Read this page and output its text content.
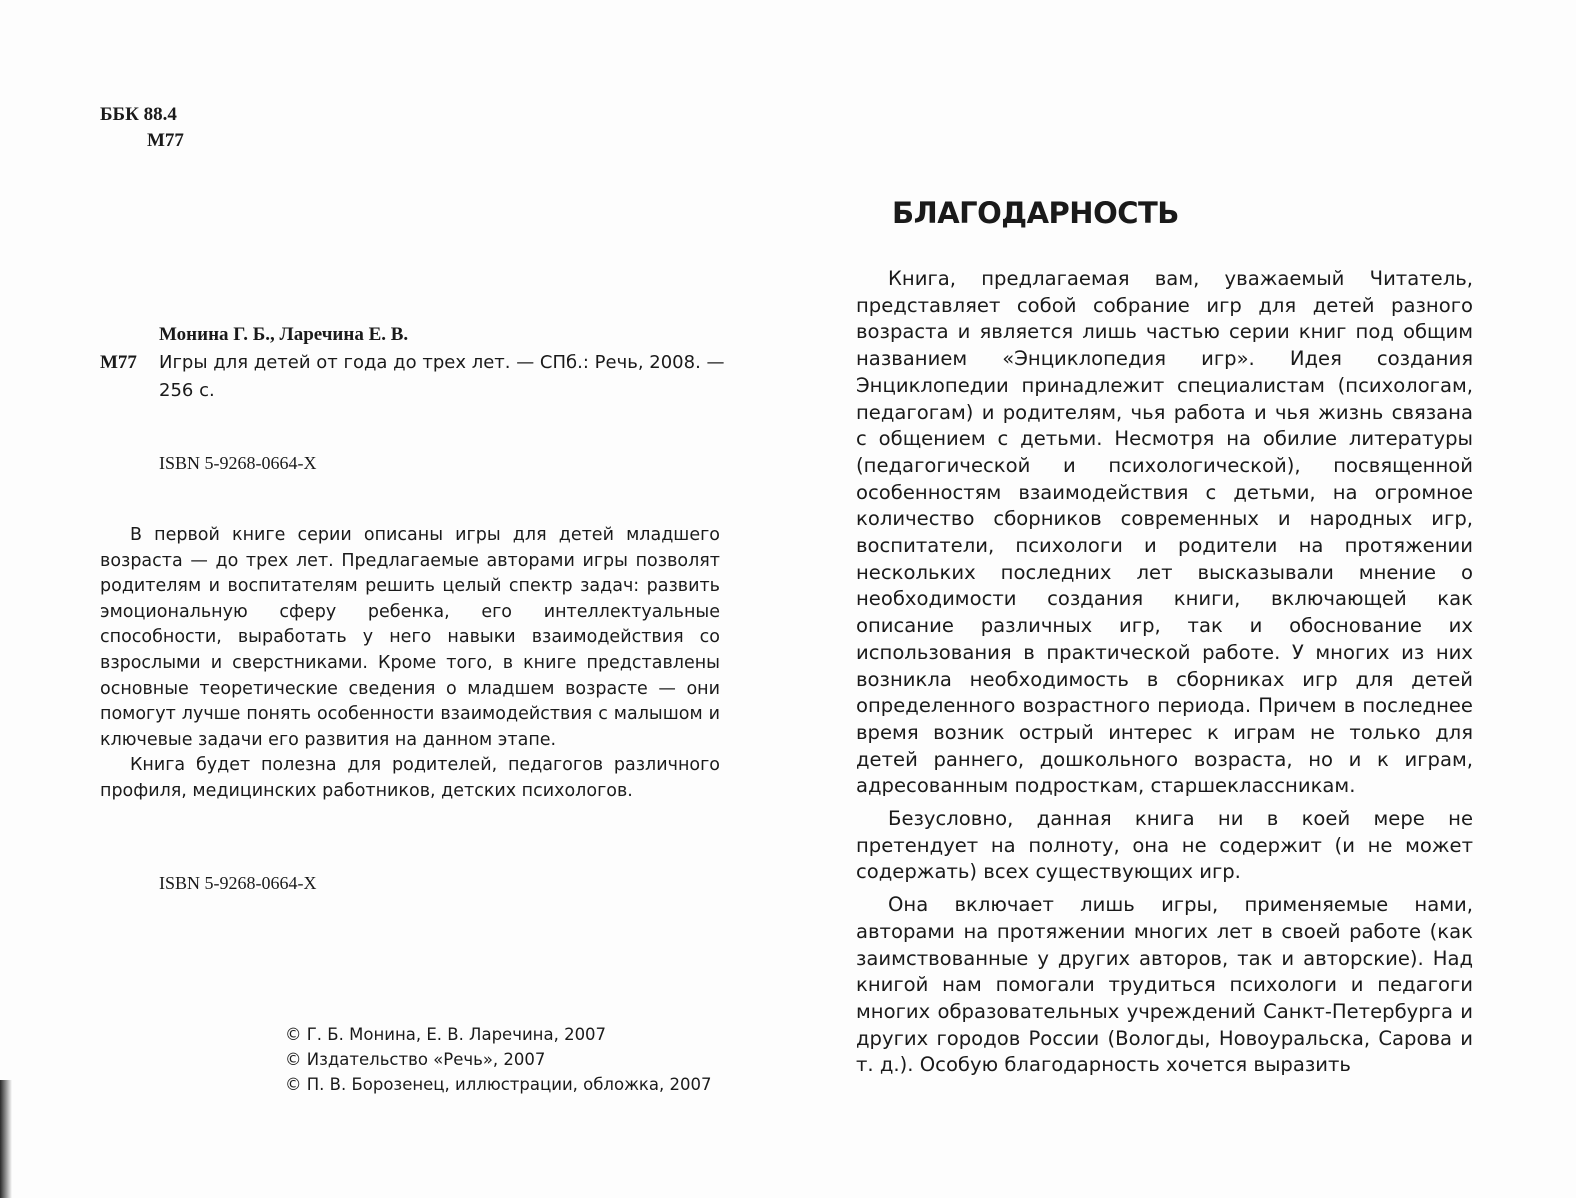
ББК 88.4
М77
Монина Г. Б., Ларечина Е. В.
М77	Игры для детей от года до трех лет. — СПб.: Речь, 2008. — 256 с.
ISBN 5-9268-0664-Х

В первой книге серии описаны игры для детей младшего возраста — до трех лет. Предлагаемые авторами игры позволят родителям и воспитателям решить целый спектр задач: развить эмоциональную сферу ребенка, его интеллектуальные способности, выработать у него навыки взаимодействия со взрослыми и сверстниками. Кроме того, в книге представлены основные теоретические сведения о младшем возрасте — они помогут лучше понять особенности взаимодействия с малышом и ключевые задачи его развития на данном этапе.

Книга будет полезна для родителей, педагогов различного профиля, медицинских работников, детских психологов.

ISBN 5-9268-0664-Х
© Г. Б. Монина, Е. В. Ларечина, 2007
© Издательство «Речь», 2007
© П. В. Борозенец, иллюстрации, обложка, 2007
БЛАГОДАРНОСТЬ

Книга, предлагаемая вам, уважаемый Читатель, представляет собой собрание игр для детей разного возраста и является лишь частью серии книг под общим названием «Энциклопедия игр». Идея создания Энциклопедии принадлежит специалистам (психологам, педагогам) и родителям, чья работа и чья жизнь связана с общением с детьми. Несмотря на обилие литературы (педагогической и психологической), посвященной особенностям взаимодействия с детьми, на огромное количество сборников современных и народных игр, воспитатели, психологи и родители на протяжении нескольких последних лет высказывали мнение о необходимости создания книги, включающей как описание различных игр, так и обоснование их использования в практической работе. У многих из них возникла необходимость в сборниках игр для детей определенного возрастного периода. Причем в последнее время возник острый интерес к играм не только для детей раннего, дошкольного возраста, но и к играм, адресованным подросткам, старшеклассникам.

Безусловно, данная книга ни в коей мере не претендует на полноту, она не содержит (и не может содержать) всех существующих игр.

Она включает лишь игры, применяемые нами, авторами на протяжении многих лет в своей работе (как заимствованные у других авторов, так и авторские). Над книгой нам помогали трудиться психологи и педагоги многих образовательных учреждений Санкт-Петербурга и других городов России (Вологды, Новоуральска, Сарова и т. д.). Особую благодарность хочется выразить
